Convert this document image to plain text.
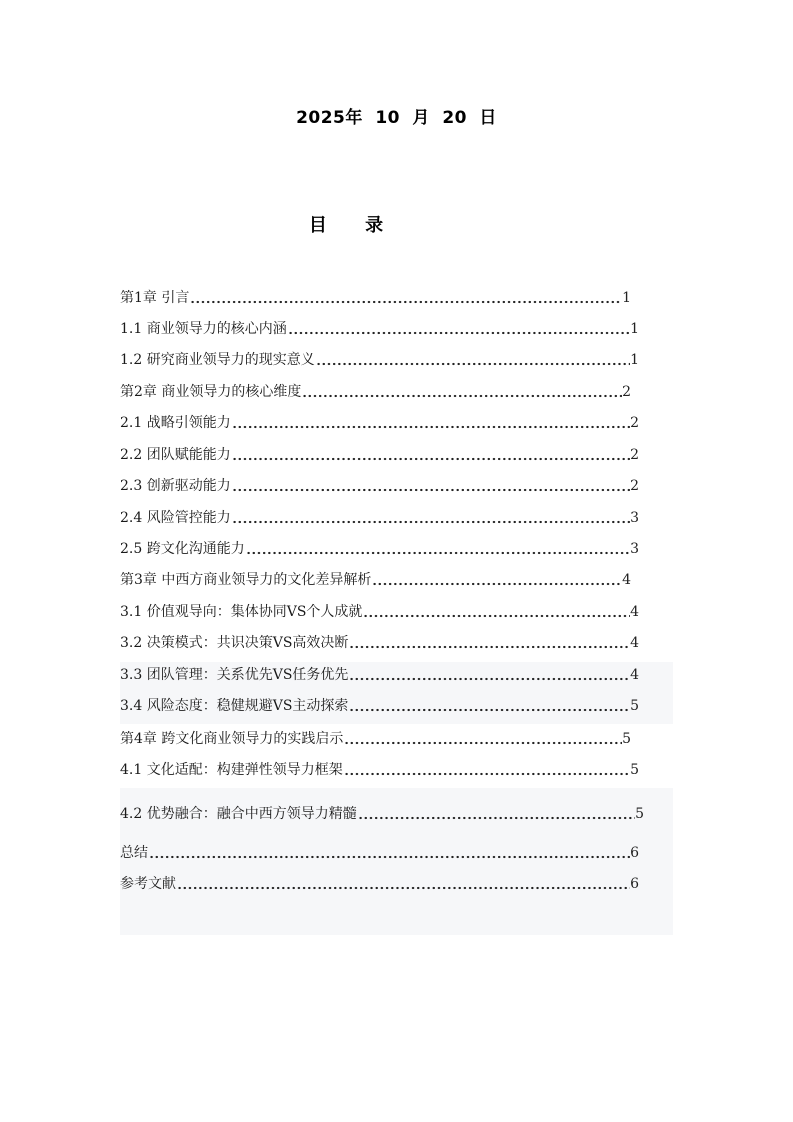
2025年 10 月 20 日
目 录
第1章 引言	1
1.1 商业领导力的核心内涵	1
1.2 研究商业领导力的现实意义	1
第2章 商业领导力的核心维度	2
2.1 战略引领能力	2
2.2 团队赋能能力	2
2.3 创新驱动能力	2
2.4 风险管控能力	3
2.5 跨文化沟通能力	3
第3章 中西方商业领导力的文化差异解析	4
3.1 价值观导向：集体协同VS个人成就	4
3.2 决策模式：共识决策VS高效决断	4
3.3 团队管理：关系优先VS任务优先	4
3.4 风险态度：稳健规避VS主动探索	5
第4章 跨文化商业领导力的实践启示	5
4.1 文化适配：构建弹性领导力框架	5
4.2 优势融合：融合中西方领导力精髓	5
总结	6
参考文献	6
